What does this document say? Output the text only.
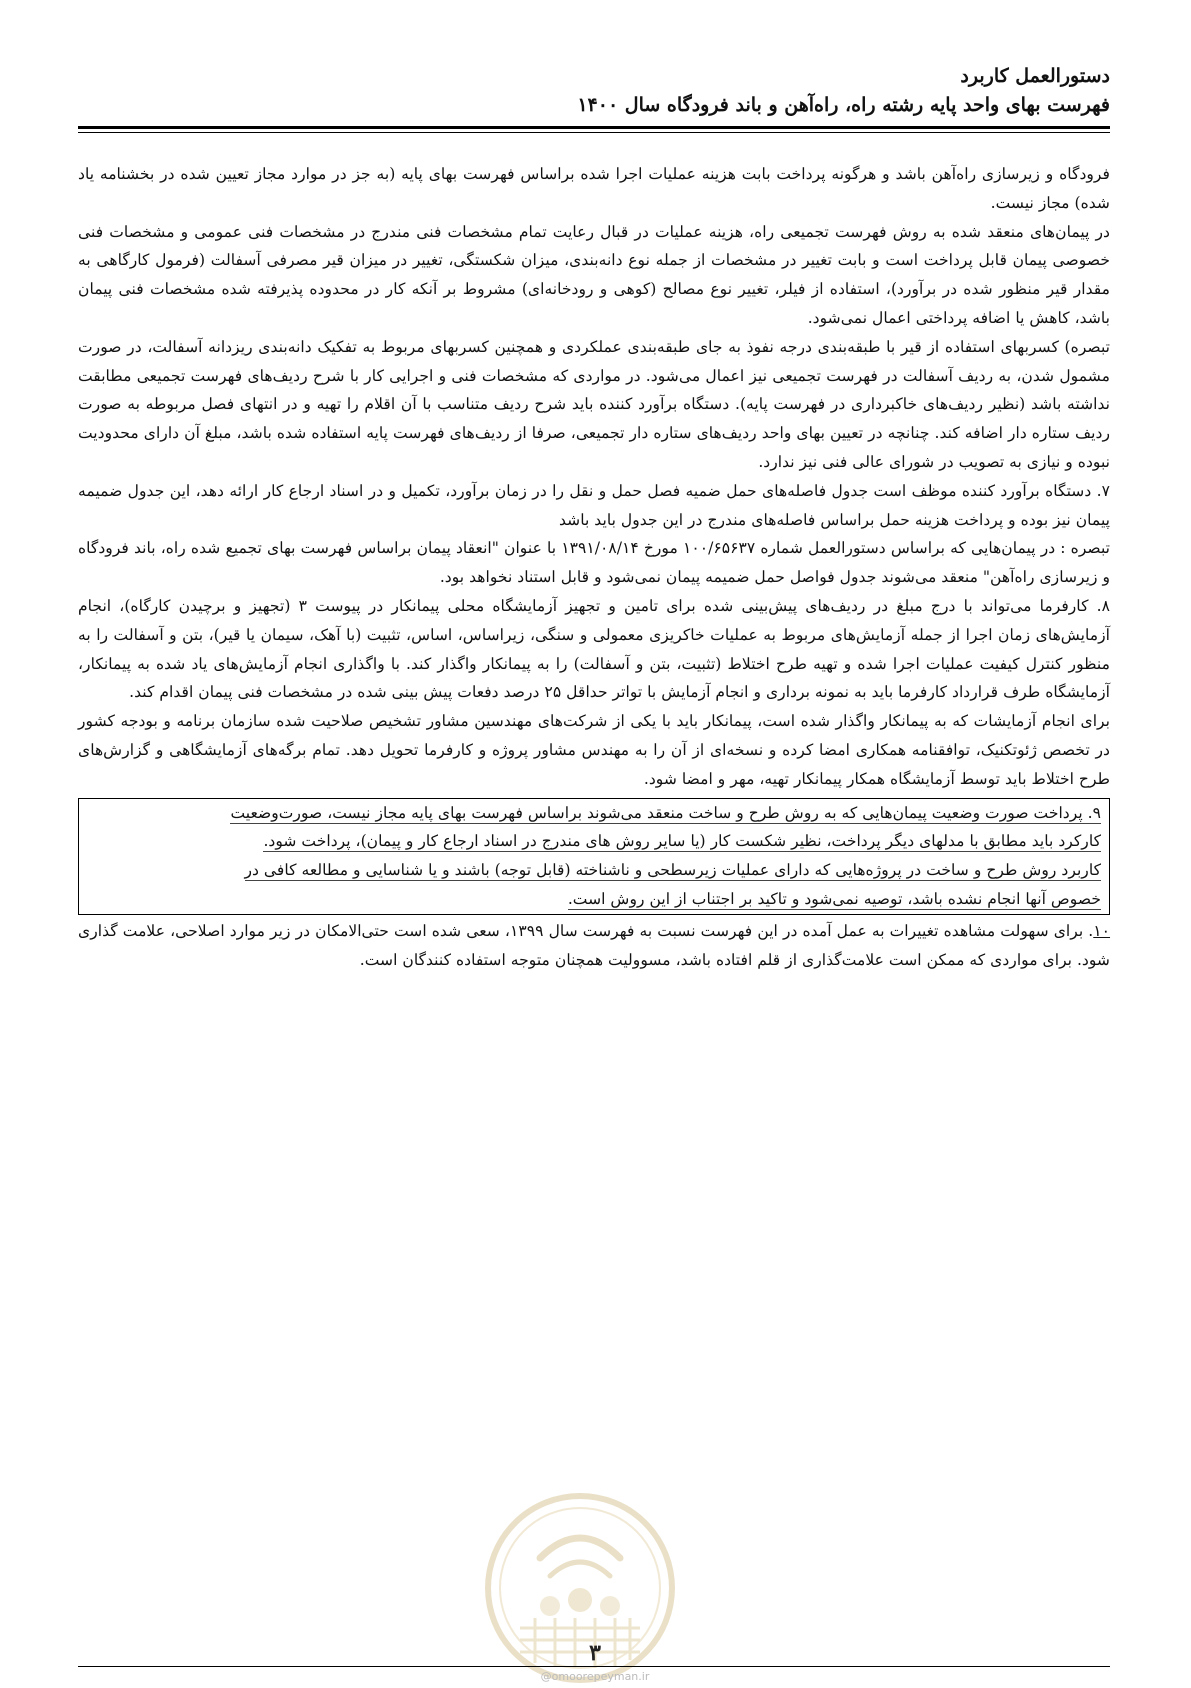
دستورالعمل کاربرد
فهرست بهای واحد پایه رشته راه، راه‌آهن و باند فرودگاه سال ۱۴۰۰

فرودگاه و زیرسازی راه‌آهن باشد و هرگونه پرداخت بابت هزینه عملیات اجرا شده براساس فهرست بهای پایه (به جز در موارد مجاز تعیین شده در بخشنامه یاد شده) مجاز نیست.

در پیمان‌های منعقد شده به روش فهرست تجمیعی راه، هزینه عملیات در قبال رعایت تمام مشخصات فنی مندرج در مشخصات فنی عمومی و مشخصات فنی خصوصی پیمان قابل پرداخت است و بابت تغییر در مشخصات از جمله نوع دانه‌بندی، میزان شکستگی، تغییر در میزان قیر مصرفی آسفالت (فرمول کارگاهی به مقدار قیر منظور شده در برآورد)، استفاده از فیلر، تغییر نوع مصالح (کوهی و رودخانه‌ای) مشروط بر آنکه کار در محدوده پذیرفته شده مشخصات فنی پیمان باشد، کاهش یا اضافه پرداختی اعمال نمی‌شود.

تبصره) کسربهای استفاده از قیر با طبقه‌بندی درجه نفوذ به جای طبقه‌بندی عملکردی و همچنین کسربهای مربوط به تفکیک دانه‌بندی ریزدانه آسفالت، در صورت مشمول شدن، به ردیف آسفالت در فهرست تجمیعی نیز اعمال می‌شود. در مواردی که مشخصات فنی و اجرایی کار با شرح ردیف‌های فهرست تجمیعی مطابقت نداشته باشد (نظیر ردیف‌های خاکبرداری در فهرست پایه). دستگاه برآورد کننده باید شرح ردیف متناسب با آن اقلام را تهیه و در انتهای فصل مربوطه به صورت ردیف ستاره دار اضافه کند. چنانچه در تعیین بهای واحد ردیف‌های ستاره دار تجمیعی، صرفا از ردیف‌های فهرست پایه استفاده شده باشد، مبلغ آن دارای محدودیت نبوده و نیازی به تصویب در شورای عالی فنی نیز ندارد.

۷. دستگاه برآورد کننده موظف است جدول فاصله‌های حمل ضمیه فصل حمل و نقل را در زمان برآورد، تکمیل و در اسناد ارجاع کار ارائه دهد، این جدول ضمیمه پیمان نیز بوده و پرداخت هزینه حمل براساس فاصله‌های مندرج در این جدول باید باشد

تبصره : در پیمان‌هایی که براساس دستورالعمل شماره ۱۰۰/۶۵۶۳۷ مورخ ۱۳۹۱/۰۸/۱۴ با عنوان "انعقاد پیمان براساس فهرست بهای تجمیع شده راه، باند فرودگاه و زیرسازی راه‌آهن" منعقد می‌شوند جدول فواصل حمل ضمیمه پیمان نمی‌شود و قابل استناد نخواهد بود.

۸. کارفرما می‌تواند با درج مبلغ در ردیف‌های پیش‌بینی شده برای تامین و تجهیز آزمایشگاه محلی پیمانکار در پیوست ۳ (تجهیز و برچیدن کارگاه)، انجام آزمایش‌های زمان اجرا از جمله آزمایش‌های مربوط به عملیات خاکریزی معمولی و سنگی، زیراساس، اساس، تثبیت (با آهک، سیمان یا قیر)، بتن و آسفالت را به منظور کنترل کیفیت عملیات اجرا شده و تهیه طرح اختلاط (تثبیت، بتن و آسفالت) را به پیمانکار واگذار کند. با واگذاری انجام آزمایش‌های یاد شده به پیمانکار، آزمایشگاه طرف قرارداد کارفرما باید به نمونه برداری و انجام آزمایش با تواتر حداقل ۲۵ درصد دفعات پیش بینی شده در مشخصات فنی پیمان اقدام کند.

برای انجام آزمایشات که به پیمانکار واگذار شده است، پیمانکار باید با یکی از شرکت‌های مهندسین مشاور تشخیص صلاحیت شده سازمان برنامه و بودجه کشور در تخصص ژئوتکنیک، توافقنامه همکاری امضا کرده و نسخه‌ای از آن را به مهندس مشاور پروژه و کارفرما تحویل دهد. تمام برگه‌های آزمایشگاهی و گزارش‌های طرح اختلاط باید توسط آزمایشگاه همکار پیمانکار تهیه، مهر و امضا شود.

۹. پرداخت صورت وضعیت پیمان‌هایی که به روش طرح و ساخت منعقد می‌شوند براساس فهرست بهای پایه مجاز نیست، صورت‌وضعیت
کارکرد باید مطابق با مدلهای دیگر پرداخت، نظیر شکست کار (یا سایر روش های مندرج در اسناد ارجاع کار و پیمان)، پرداخت شود.
کاربرد روش طرح و ساخت در پروژه‌هایی که دارای عملیات زیرسطحی و ناشناخته (قابل توجه) باشند و یا شناسایی و مطالعه کافی در
خصوص آنها انجام نشده باشد، توصیه نمی‌شود و تاکید بر اجتناب از این روش است.

۱۰. برای سهولت مشاهده تغییرات به عمل آمده در این فهرست نسبت به فهرست سال ۱۳۹۹، سعی شده است حتی‌الامکان در زیر موارد اصلاحی، علامت گذاری شود. برای مواردی که ممکن است علامت‌گذاری از قلم افتاده باشد، مسوولیت همچنان متوجه استفاده کنندگان است.

۳
@omoorepeyman.ir
